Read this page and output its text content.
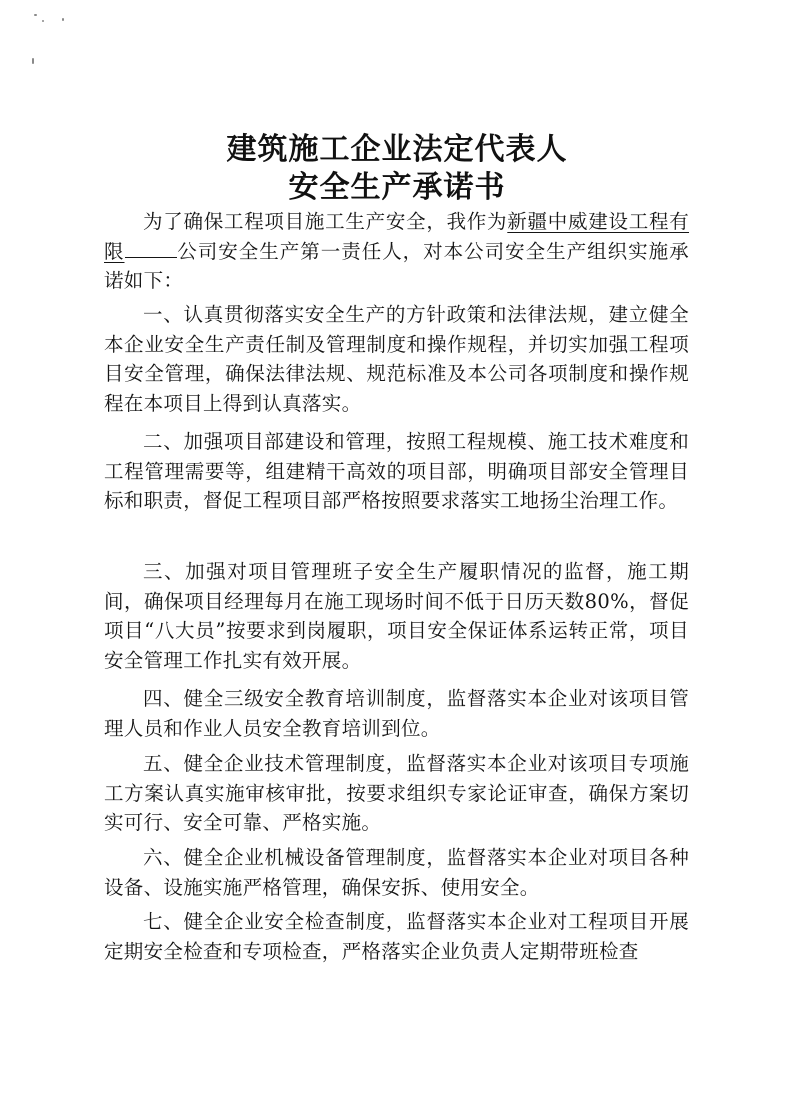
建筑施工企业法定代表人
安全生产承诺书
为了确保工程项目施工生产安全，我作为新疆中威建设工程有限	公司安全生产第一责任人，对本公司安全生产组织实施承诺如下：
一、认真贯彻落实安全生产的方针政策和法律法规，建立健全本企业安全生产责任制及管理制度和操作规程，并切实加强工程项目安全管理，确保法律法规、规范标准及本公司各项制度和操作规程在本项目上得到认真落实。
二、加强项目部建设和管理，按照工程规模、施工技术难度和工程管理需要等，组建精干高效的项目部，明确项目部安全管理目标和职责，督促工程项目部严格按照要求落实工地扬尘治理工作。
三、加强对项目管理班子安全生产履职情况的监督，施工期间，确保项目经理每月在施工现场时间不低于日历天数80%，督促项目“八大员”按要求到岗履职，项目安全保证体系运转正常，项目安全管理工作扎实有效开展。
四、健全三级安全教育培训制度，监督落实本企业对该项目管理人员和作业人员安全教育培训到位。
五、健全企业技术管理制度，监督落实本企业对该项目专项施工方案认真实施审核审批，按要求组织专家论证审查，确保方案切实可行、安全可靠、严格实施。
六、健全企业机械设备管理制度，监督落实本企业对项目各种设备、设施实施严格管理，确保安拆、使用安全。
七、健全企业安全检查制度，监督落实本企业对工程项目开展定期安全检查和专项检查，严格落实企业负责人定期带班检查
